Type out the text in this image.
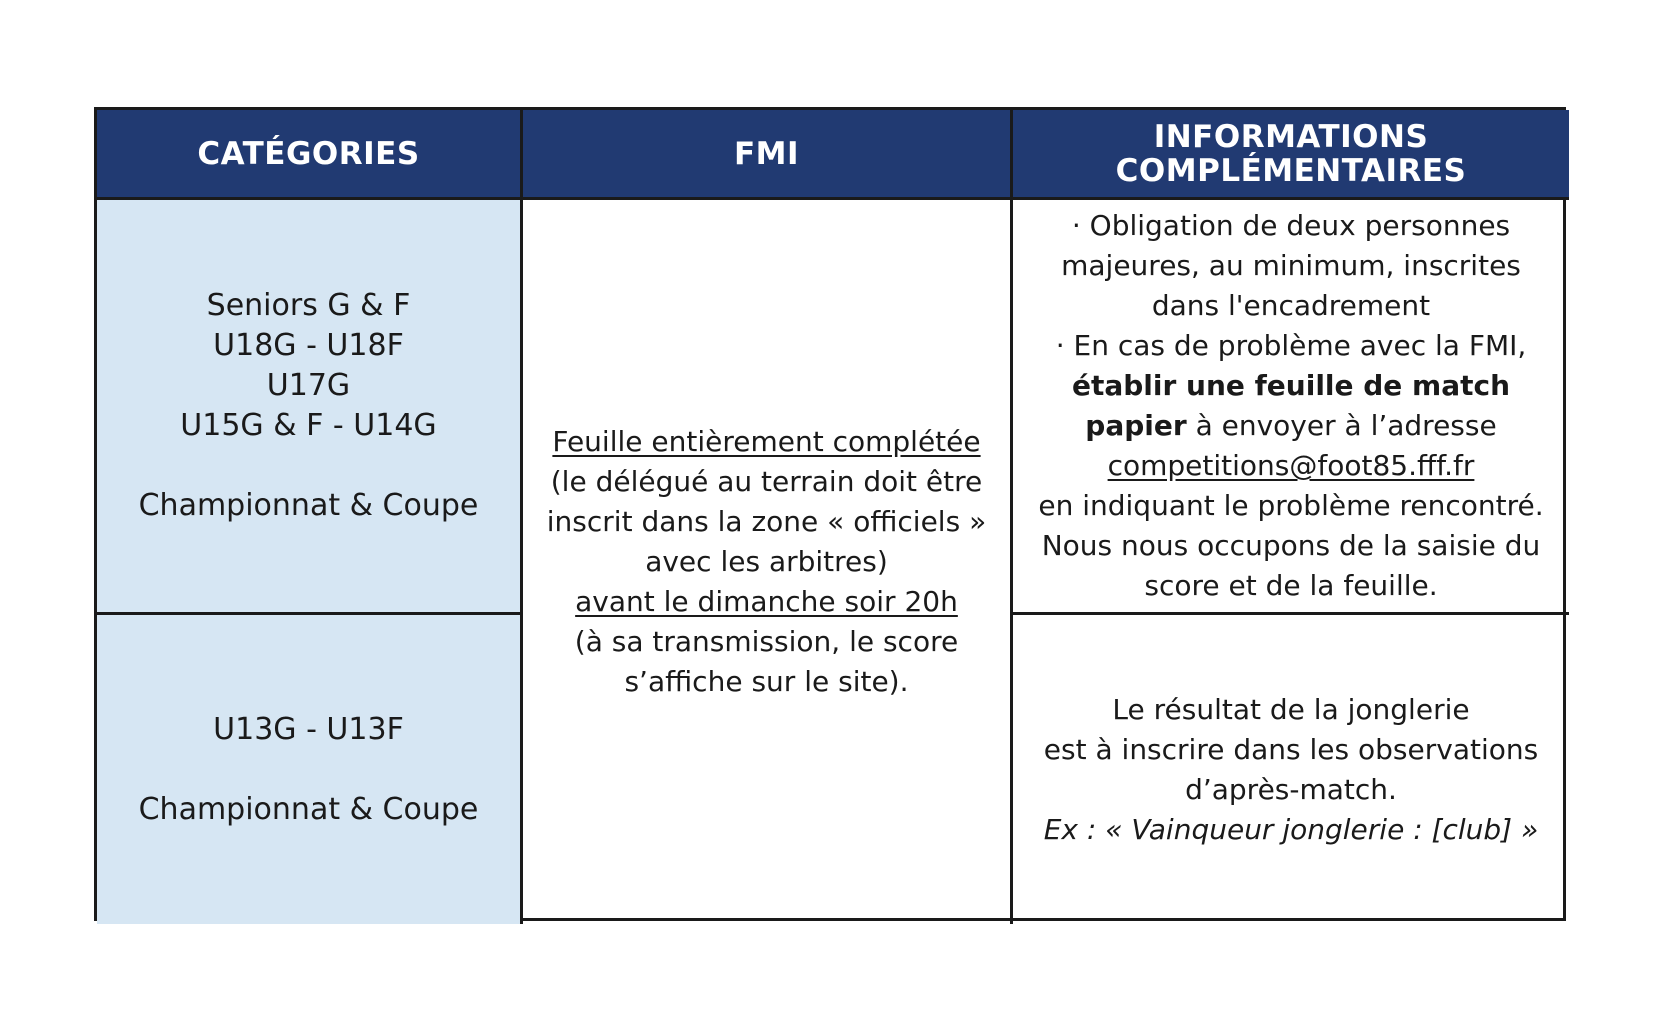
CATÉGORIES	FMI	INFORMATIONS
COMPLÉMENTAIRES
Seniors G & F
U18G - U18F
U17G
U15G & F - U14G
Championnat & Coupe

Feuille entièrement complétée

(le délégué au terrain doit être

inscrit dans la zone « officiels »

avec les arbitres)

avant le dimanche soir 20h

(à sa transmission, le score

s’affiche sur le site).

· Obligation de deux personnes

majeures, au minimum, inscrites

dans l'encadrement

· En cas de problème avec la FMI,

établir une feuille de match

papier à envoyer à l’adresse

competitions@foot85.fff.fr

en indiquant le problème rencontré.

Nous nous occupons de la saisie du

score et de la feuille.

U13G - U13F
Championnat & Coupe

Le résultat de la jonglerie

est à inscrire dans les observations

d’après-match.

Ex : « Vainqueur jonglerie : [club] »
